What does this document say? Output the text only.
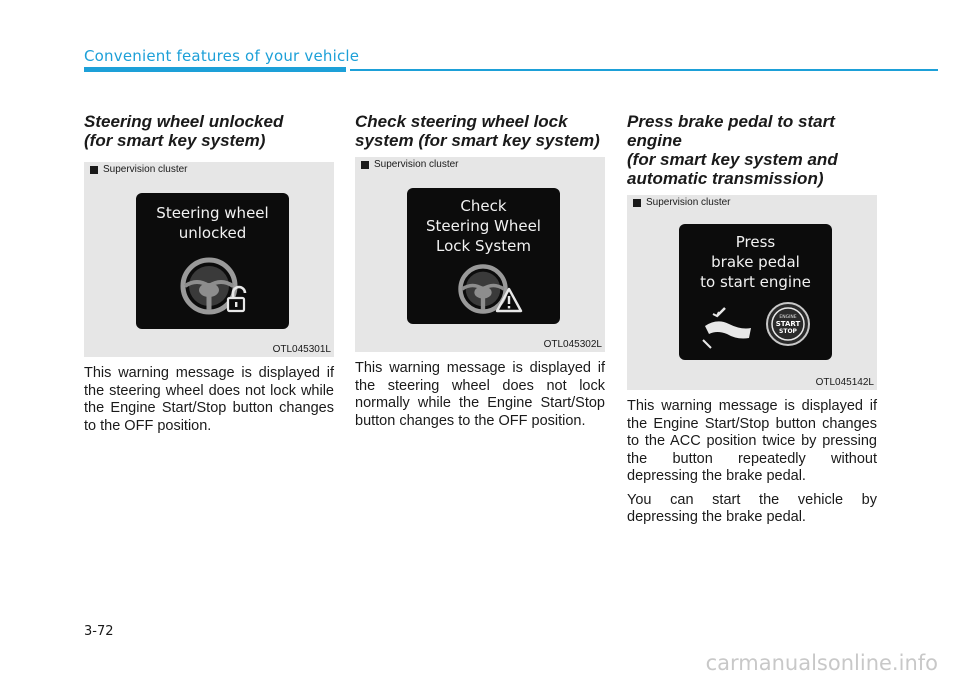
Convenient features of your vehicle
Steering wheel unlocked
(for smart key system)
Supervision cluster
Steering wheel
unlocked
OTL045301L

This warning message is displayed if the steering wheel does not lock while the Engine Start/Stop button changes to the OFF position.

Check steering wheel lock
system (for smart key system)
Supervision cluster
Check
Steering Wheel
Lock System
OTL045302L

This warning message is displayed if the steering wheel does not lock normally while the Engine Start/Stop button changes to the OFF position.

Press brake pedal to start engine
(for smart key system and automatic transmission)
Supervision cluster
Press
brake pedal
to start engine
ENGINE
START
STOP
OTL045142L

This warning message is displayed if the Engine Start/Stop button changes to the ACC position twice by pressing the button repeatedly without depressing the brake pedal.

You can start the vehicle by depressing the brake pedal.

3-72
carmanualsonline.info
